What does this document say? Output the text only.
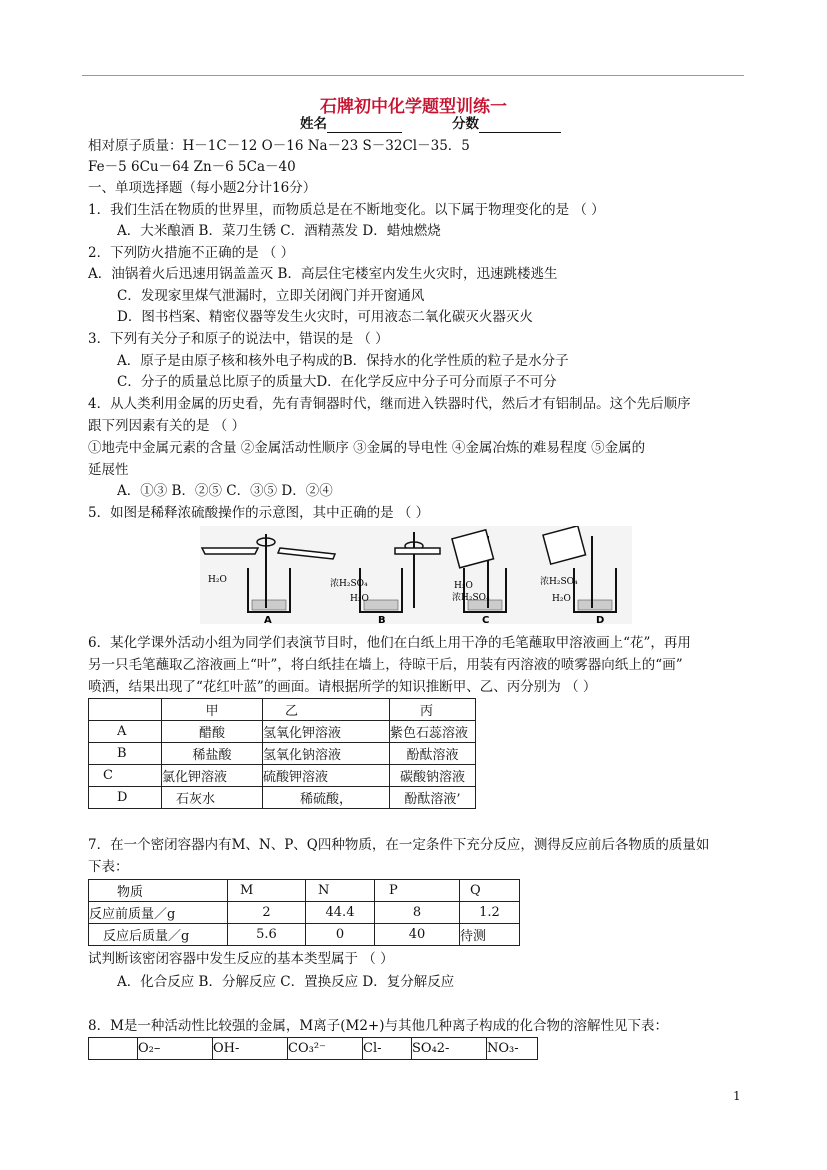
石牌初中化学题型训练一
姓名	分数
相对原子质量：H－1C－12 O－16 Na－23 S－32Cl－35．5
Fe－5 6Cu－64 Zn－6 5Ca－40
一、单项选择题（每小题2分计16分）
1．我们生活在物质的世界里，而物质总是在不断地变化。以下属于物理变化的是 （ ）
A．大米酿酒 B．菜刀生锈 C．酒精蒸发 D．蜡烛燃烧
2．下列防火措施不正确的是 （ ）
A．油锅着火后迅速用锅盖盖灭 B．高层住宅楼室内发生火灾时，迅速跳楼逃生
C．发现家里煤气泄漏时，立即关闭阀门并开窗通风
D．图书档案、精密仪器等发生火灾时，可用液态二氧化碳灭火器灭火
3．下列有关分子和原子的说法中，错误的是 （ ）
A．原子是由原子核和核外电子构成的B．保持水的化学性质的粒子是水分子
C．分子的质量总比原子的质量大D．在化学反应中分子可分而原子不可分
4．从人类利用金属的历史看，先有青铜器时代，继而进入铁器时代，然后才有铝制品。这个先后顺序
跟下列因素有关的是 （ ）
①地壳中金属元素的含量 ②金属活动性顺序 ③金属的导电性 ④金属冶炼的难易程度 ⑤金属的
延展性
A．①③ B．②⑤ C．③⑤ D．②④
5．如图是稀释浓硫酸操作的示意图，其中正确的是 （ ）
H₂O
A
浓H₂SO₄
H₂O
B
H₂O
浓H₂SO₄
C
浓H₂SO₄
H₂O
D
6．某化学课外活动小组为同学们表演节目时，他们在白纸上用干净的毛笔蘸取甲溶液画上“花”，再用
另一只毛笔蘸取乙溶液画上“叶”，将白纸挂在墙上，待晾干后，用装有丙溶液的喷雾器向纸上的“画”
喷洒，结果出现了“花红叶蓝”的画面。请根据所学的知识推断甲、乙、丙分别为 （ ）
	甲	乙	丙
A	醋酸	氢氧化钾溶液	紫色石蕊溶液
B	稀盐酸	氢氧化钠溶液	酚酞溶液
C	氯化钾溶液	硫酸钾溶液	碳酸钠溶液
D	石灰水	稀硫酸，	酚酞溶液’
7．在一个密闭容器内有M、N、P、Q四种物质，在一定条件下充分反应，测得反应前后各物质的质量如
下表：
物质	M	N	P	Q
反应前质量／g	2	44.4	8	1.2
反应后质量／g	5.6	0	40	待测
试判断该密闭容器中发生反应的基本类型属于 （ ）
A．化合反应 B．分解反应 C．置换反应 D．复分解反应
8．M是一种活动性比较强的金属，M离子(M2+)与其他几种离子构成的化合物的溶解性见下表：
	O₂–	OH-	CO₃²⁻	Cl-	SO₄2-	NO₃-
1
